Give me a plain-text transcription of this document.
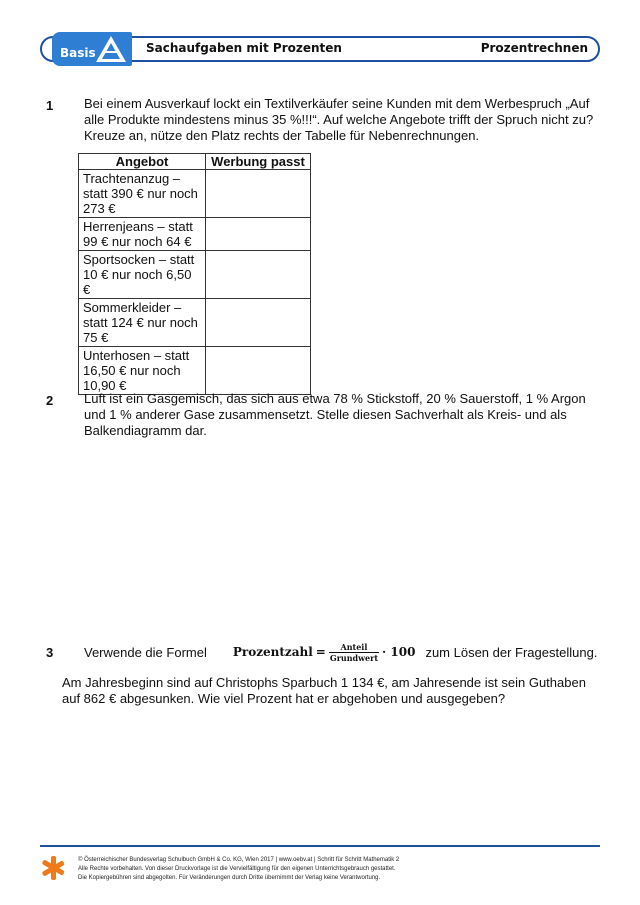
Basis	Sachaufgaben mit Prozenten	Prozentrechnen
1 Bei einem Ausverkauf lockt ein Textilverkäufer seine Kunden mit dem Werbespruch „Auf alle Produkte mindestens minus 35 %!!!“. Auf welche Angebote trifft der Spruch nicht zu? Kreuze an, nütze den Platz rechts der Tabelle für Nebenrechnungen.
Angebot	Werbung passt
Trachtenanzug – statt 390 € nur noch 273 €	
Herrenjeans – statt 99 € nur noch 64 €	
Sportsocken – statt 10 € nur noch 6,50 €	
Sommerkleider – statt 124 € nur noch 75 €	
Unterhosen – statt 16,50 € nur noch 10,90 €	
2 Luft ist ein Gasgemisch, das sich aus etwa 78 % Stickstoff, 20 % Sauerstoff, 1 % Argon und 1 % anderer Gase zusammensetzt. Stelle diesen Sachverhalt als Kreis- und als Balkendiagramm dar.
3 Verwende die Formel Prozentzahl = $\frac{\text{Anteil}}{\text{Grundwert}} \cdot 100$ zum Lösen der Fragestellung.
Am Jahresbeginn sind auf Christophs Sparbuch 1 134 €, am Jahresende ist sein Guthaben auf 862 € abgesunken. Wie viel Prozent hat er abgehoben und ausgegeben?
© Österreichischer Bundesverlag Schulbuch GmbH & Co. KG, Wien 2017 | www.oebv.at | Schritt für Schritt Mathematik 2
Alle Rechte vorbehalten. Von dieser Druckvorlage ist die Vervielfältigung für den eigenen Unterrichtsgebrauch gestattet.
Die Kopiergebühren sind abgegolten. Für Veränderungen durch Dritte übernimmt der Verlag keine Verantwortung.
